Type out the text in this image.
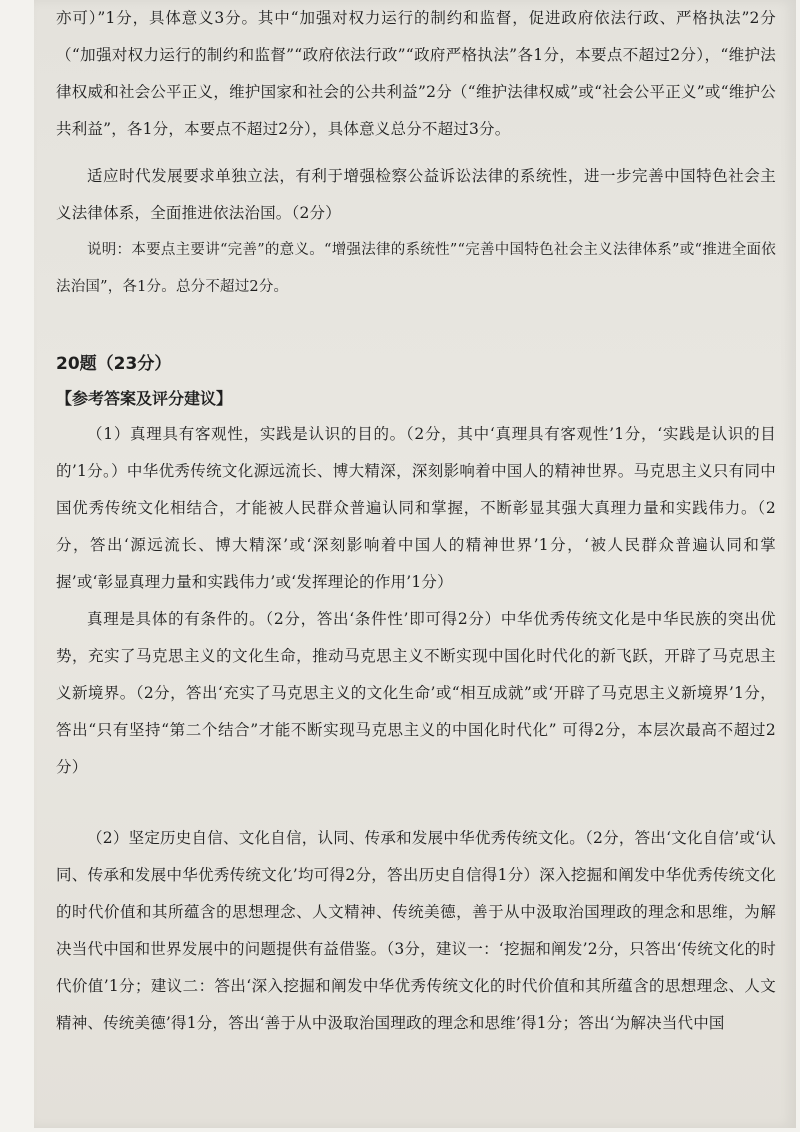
亦可）”1分，具体意义3分。其中“加强对权力运行的制约和监督，促进政府依法行政、严格执法”2分（“加强对权力运行的制约和监督”“政府依法行政”“政府严格执法”各1分，本要点不超过2分），“维护法律权威和社会公平正义，维护国家和社会的公共利益”2分（“维护法律权威”或“社会公平正义”或“维护公共利益”，各1分，本要点不超过2分），具体意义总分不超过3分。

适应时代发展要求单独立法，有利于增强检察公益诉讼法律的系统性，进一步完善中国特色社会主义法律体系，全面推进依法治国。（2分）

说明：本要点主要讲“完善”的意义。“增强法律的系统性”“完善中国特色社会主义法律体系”或“推进全面依法治国”，各1分。总分不超过2分。

20题（23分）
【参考答案及评分建议】

（1）真理具有客观性，实践是认识的目的。（2分，其中‘真理具有客观性’1分，‘实践是认识的目的’1分。）中华优秀传统文化源远流长、博大精深，深刻影响着中国人的精神世界。马克思主义只有同中国优秀传统文化相结合，才能被人民群众普遍认同和掌握，不断彰显其强大真理力量和实践伟力。（2分，答出‘源远流长、博大精深’或‘深刻影响着中国人的精神世界’1分，‘被人民群众普遍认同和掌握’或‘彰显真理力量和实践伟力’或‘发挥理论的作用’1分）

真理是具体的有条件的。（2分，答出‘条件性’即可得2分）中华优秀传统文化是中华民族的突出优势，充实了马克思主义的文化生命，推动马克思主义不断实现中国化时代化的新飞跃，开辟了马克思主义新境界。（2分，答出‘充实了马克思主义的文化生命’或“相互成就”或‘开辟了马克思主义新境界’1分，答出“只有坚持“第二个结合”才能不断实现马克思主义的中国化时代化” 可得2分，本层次最高不超过2分）

（2）坚定历史自信、文化自信，认同、传承和发展中华优秀传统文化。（2分，答出‘文化自信’或‘认同、传承和发展中华优秀传统文化’均可得2分，答出历史自信得1分）深入挖掘和阐发中华优秀传统文化的时代价值和其所蕴含的思想理念、人文精神、传统美德，善于从中汲取治国理政的理念和思维，为解决当代中国和世界发展中的问题提供有益借鉴。（3分，建议一：‘挖掘和阐发’2分，只答出‘传统文化的时代价值’1分；建议二：答出‘深入挖掘和阐发中华优秀传统文化的时代价值和其所蕴含的思想理念、人文精神、传统美德’得1分，答出‘善于从中汲取治国理政的理念和思维’得1分；答出‘为解决当代中国
